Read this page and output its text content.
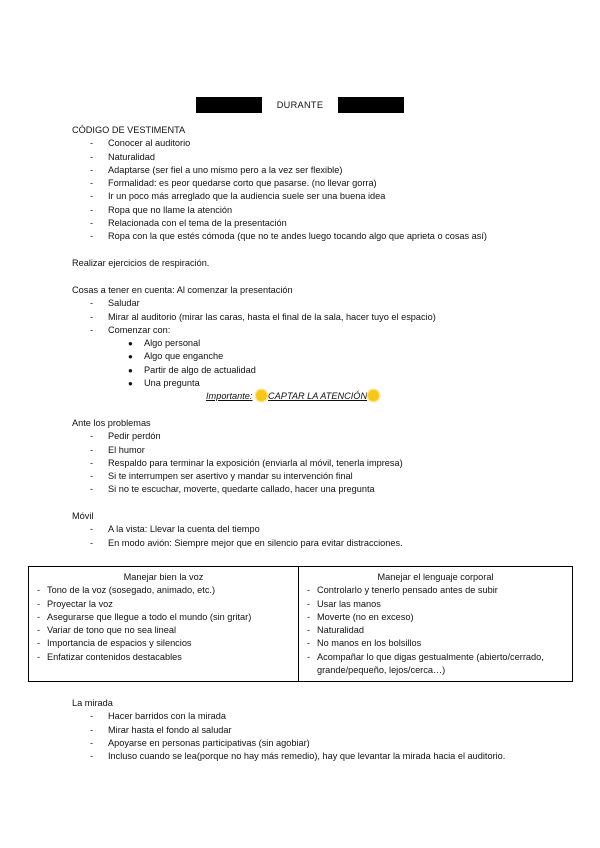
DURANTE
CÓDIGO DE VESTIMENTA
- Conocer al auditorio
- Naturalidad
- Adaptarse (ser fiel a uno mismo pero a la vez ser flexible)
- Formalidad: es peor quedarse corto que pasarse. (no llevar gorra)
- Ir un poco más arreglado que la audiencia suele ser una buena idea
- Ropa que no llame la atención
- Relacionada con el tema de la presentación
- Ropa con la que estés cómoda (que no te andes luego tocando algo que aprieta o cosas así)
Realizar ejercicios de respiración.
Cosas a tener en cuenta: Al comenzar la presentación
- Saludar
- Mirar al auditorio (mirar las caras, hasta el final de la sala, hacer tuyo el espacio)
- Comenzar con:
● Algo personal
● Algo que enganche
● Partir de algo de actualidad
● Una pregunta
Importante: CAPTAR LA ATENCIÓN
Ante los problemas
- Pedir perdón
- El humor
- Respaldo para terminar la exposición (enviarla al móvil, tenerla impresa)
- Si te interrumpen ser asertivo y mandar su intervención final
- Si no te escuchar, moverte, quedarte callado, hacer una pregunta
Móvil
- A la vista: Llevar la cuenta del tiempo
- En modo avión: Siempre mejor que en silencio para evitar distracciones.
Manejar bien la voz
- Tono de la voz (sosegado, animado, etc.)
- Proyectar la voz
- Asegurarse que llegue a todo el mundo (sin gritar)
- Variar de tono que no sea lineal
- Importancia de espacios y silencios
- Enfatizar contenidos destacables
Manejar el lenguaje corporal
- Controlarlo y tenerlo pensado antes de subir
- Usar las manos
- Moverte (no en exceso)
- Naturalidad
- No manos en los bolsillos
- Acompañar lo que digas gestualmente (abierto/cerrado, grande/pequeño, lejos/cerca…)
La mirada
- Hacer barridos con la mirada
- Mirar hasta el fondo al saludar
- Apoyarse en personas participativas (sin agobiar)
- Incluso cuando se lea(porque no hay más remedio), hay que levantar la mirada hacia el auditorio.
